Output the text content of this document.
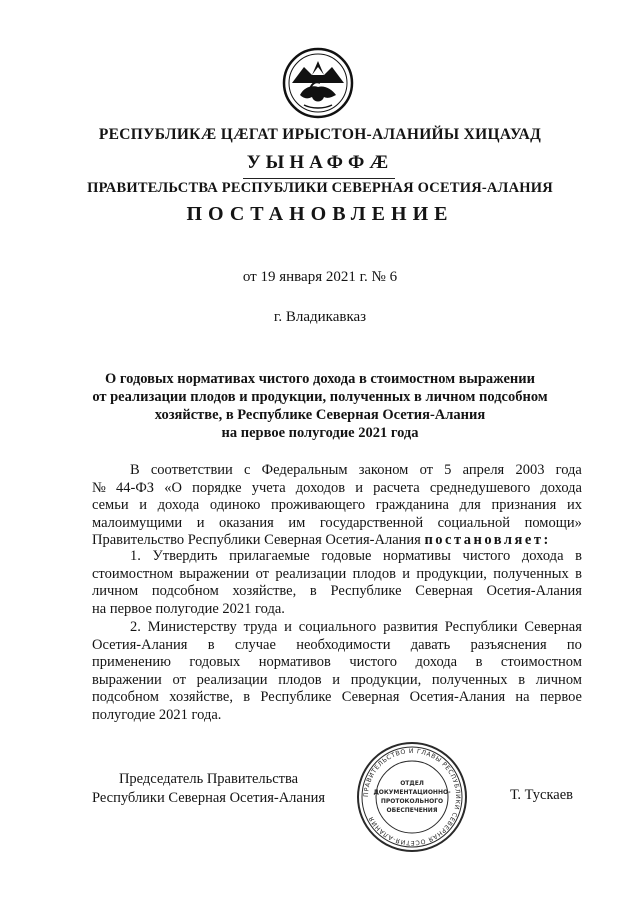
РЕСПУБЛИКӔ ЦӔГАТ ИРЫСТОН-АЛАНИЙЫ ХИЦАУАД
УЫНАФФӔ
ПРАВИТЕЛЬСТВА РЕСПУБЛИКИ СЕВЕРНАЯ ОСЕТИЯ-АЛАНИЯ
ПОСТАНОВЛЕНИЕ
от 19 января 2021 г. № 6
г. Владикавказ
О годовых нормативах чистого дохода в стоимостном выражении
от реализации плодов и продукции, полученных в личном подсобном
хозяйстве, в Республике Северная Осетия-Алания
на первое полугодие 2021 года
В соответствии с Федеральным законом от 5 апреля 2003 года
№ 44-ФЗ «О порядке учета доходов и расчета среднедушевого дохода
семьи и дохода одиноко проживающего гражданина для признания их
малоимущими и оказания им государственной социальной помощи»
Правительство Республики Северная Осетия-Алания
постановляет:
1. Утвердить прилагаемые годовые нормативы чистого дохода в
стоимостном выражении от реализации плодов и продукции, полученных в
личном подсобном хозяйстве, в Республике Северная Осетия-Алания
на первое полугодие 2021 года.
2. Министерству труда и социального развития Республики Северная
Осетия-Алания в случае необходимости давать разъяснения по
применению годовых нормативов чистого дохода в стоимостном
выражении от реализации плодов и продукции, полученных в личном
подсобном хозяйстве, в Республике Северная Осетия-Алания на первое
полугодие 2021 года.
Председатель Правительства
Республики Северная Осетия-Алания	ПРАВИТЕЛЬСТВО И ГЛАВЫ РЕСПУБЛИКИ СЕВЕРНАЯ ОСЕТИЯ-АЛАНИЯ
ОТДЕЛ
ДОКУМЕНТАЦИОННО-
ПРОТОКОЛЬНОГО
ОБЕСПЕЧЕНИЯ
Т. Тускаев
